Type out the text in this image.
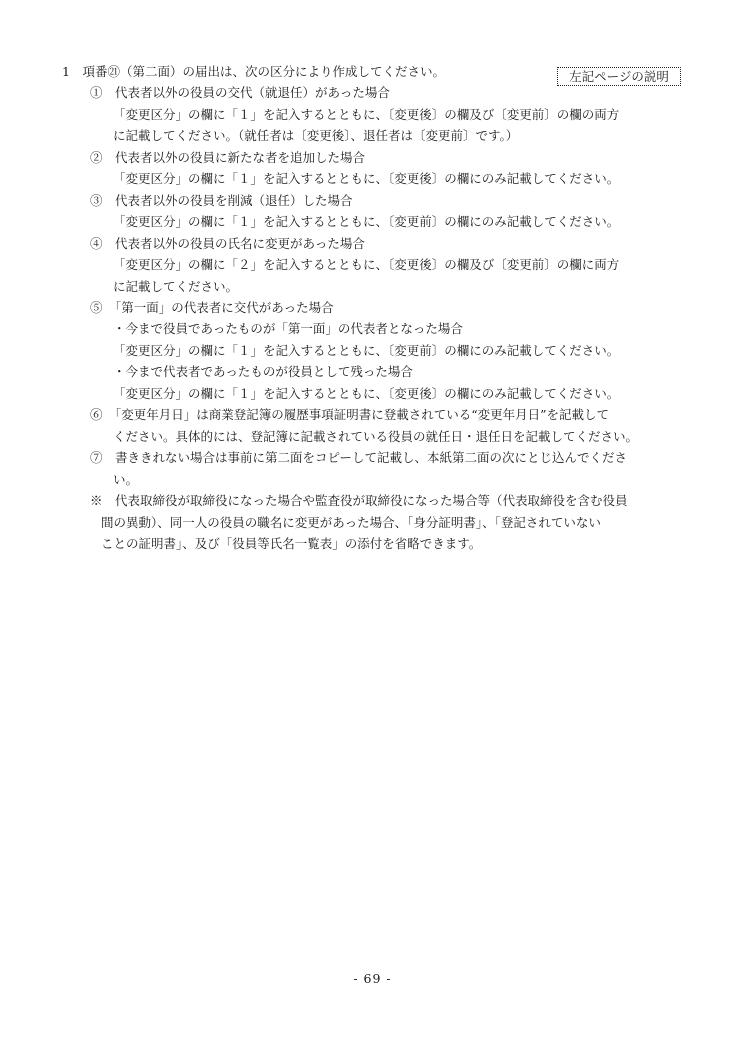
左記ページの説明
1　項番㉑（第二面）の届出は、次の区分により作成してください。
①　代表者以外の役員の交代（就退任）があった場合
「変更区分」の欄に「１」を記入するとともに、〔変更後〕の欄及び〔変更前〕の欄の両方
に記載してください。（就任者は〔変更後〕、退任者は〔変更前〕です。）
②　代表者以外の役員に新たな者を追加した場合
「変更区分」の欄に「１」を記入するとともに、〔変更後〕の欄にのみ記載してください。
③　代表者以外の役員を削減（退任）した場合
「変更区分」の欄に「１」を記入するとともに、〔変更前〕の欄にのみ記載してください。
④　代表者以外の役員の氏名に変更があった場合
「変更区分」の欄に「２」を記入するとともに、〔変更後〕の欄及び〔変更前〕の欄に両方
に記載してください。
⑤　「第一面」の代表者に交代があった場合
・今まで役員であったものが「第一面」の代表者となった場合
「変更区分」の欄に「１」を記入するとともに、〔変更前〕の欄にのみ記載してください。
・今まで代表者であったものが役員として残った場合
「変更区分」の欄に「１」を記入するとともに、〔変更後〕の欄にのみ記載してください。
⑥　「変更年月日」は商業登記簿の履歴事項証明書に登載されている“変更年月日”を記載して
ください。具体的には、登記簿に記載されている役員の就任日・退任日を記載してください。
⑦　書ききれない場合は事前に第二面をコピーして記載し、本紙第二面の次にとじ込んでくださ
い。
※　代表取締役が取締役になった場合や監査役が取締役になった場合等（代表取締役を含む役員
間の異動）、同一人の役員の職名に変更があった場合、「身分証明書」、「登記されていない
ことの証明書」、及び「役員等氏名一覧表」の添付を省略できます。
- 69 -
